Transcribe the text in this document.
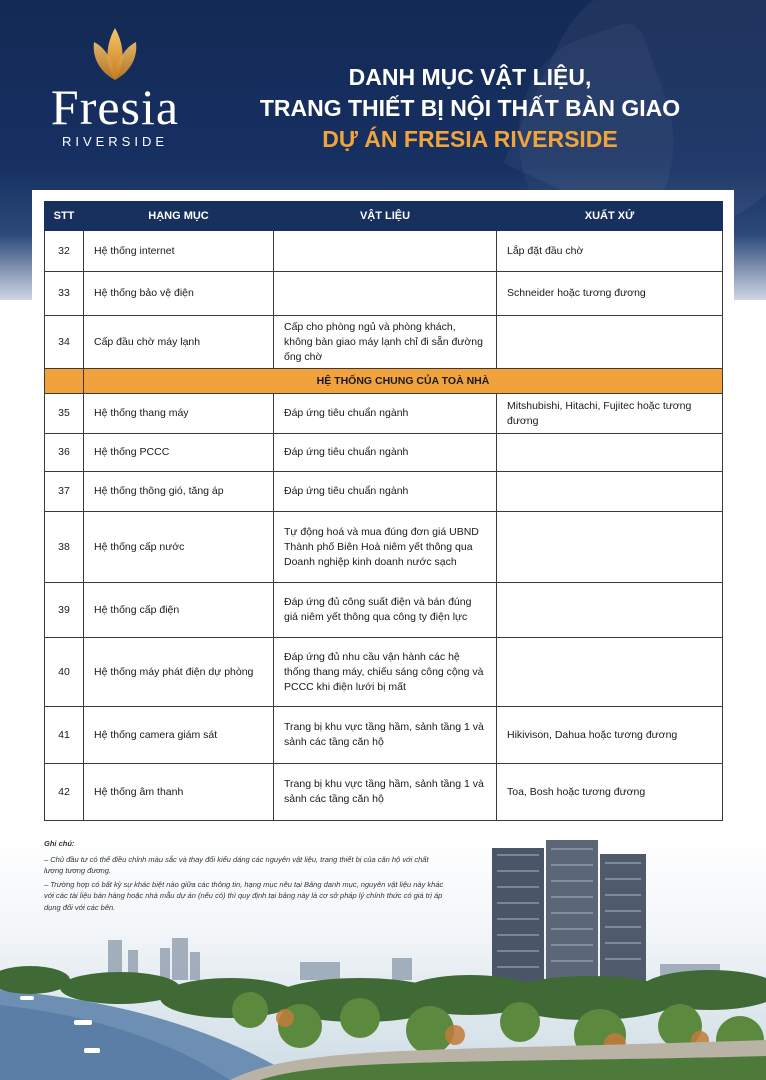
Fresia
RIVERSIDE
DANH MỤC VẬT LIỆU,
TRANG THIẾT BỊ NỘI THẤT BÀN GIAO
DỰ ÁN FRESIA RIVERSIDE
STT	HẠNG MỤC	VẬT LIỆU	XUẤT XỨ
32	Hệ thống internet		Lắp đặt đầu chờ
33	Hệ thống bảo vệ điện		Schneider hoặc tương đương
34	Cấp đầu chờ máy lạnh	Cấp cho phòng ngủ và phòng khách, không bàn giao máy lạnh chỉ đi sẵn đường ống chờ	
	HỆ THỐNG CHUNG CỦA TOÀ NHÀ		
35	Hệ thống thang máy	Đáp ứng tiêu chuẩn ngành	Mitshubishi, Hitachi, Fujitec hoặc tương đương
36	Hệ thống PCCC	Đáp ứng tiêu chuẩn ngành	
37	Hệ thống thông gió, tăng áp	Đáp ứng tiêu chuẩn ngành	
38	Hệ thống cấp nước	Tự động hoá và mua đúng đơn giá UBND Thành phố Biên Hoà niêm yết thông qua Doanh nghiệp kinh doanh nước sạch	
39	Hệ thống cấp điện	Đáp ứng đủ công suất điện và bán đúng giá niêm yết thông qua công ty điện lực	
40	Hệ thống máy phát điện dự phòng	Đáp ứng đủ nhu cầu vận hành các hệ thống thang máy, chiếu sáng công cộng và PCCC khi điện lưới bị mất	
41	Hệ thống camera giám sát	Trang bị khu vực tầng hầm, sảnh tầng 1 và sảnh các tầng căn hộ	Hikivison, Dahua hoặc tương đương
42	Hệ thống âm thanh	Trang bị khu vực tầng hầm, sảnh tầng 1 và sảnh các tầng căn hộ	Toa, Bosh hoặc tương đương
Ghi chú:

– Chủ đầu tư có thể điều chỉnh màu sắc và thay đổi kiểu dáng các nguyên vật liệu, trang thiết bị của căn hộ với chất lượng tương đương.

– Trường hợp có bất kỳ sự khác biệt nào giữa các thông tin, hạng mục nêu tại Bảng danh mục, nguyên vật liệu này khác với các tài liệu bán hàng hoặc nhà mẫu dự án (nếu có) thì quy định tại bảng này là cơ sở pháp lý chính thức có giá trị áp dụng đối với các bên.
